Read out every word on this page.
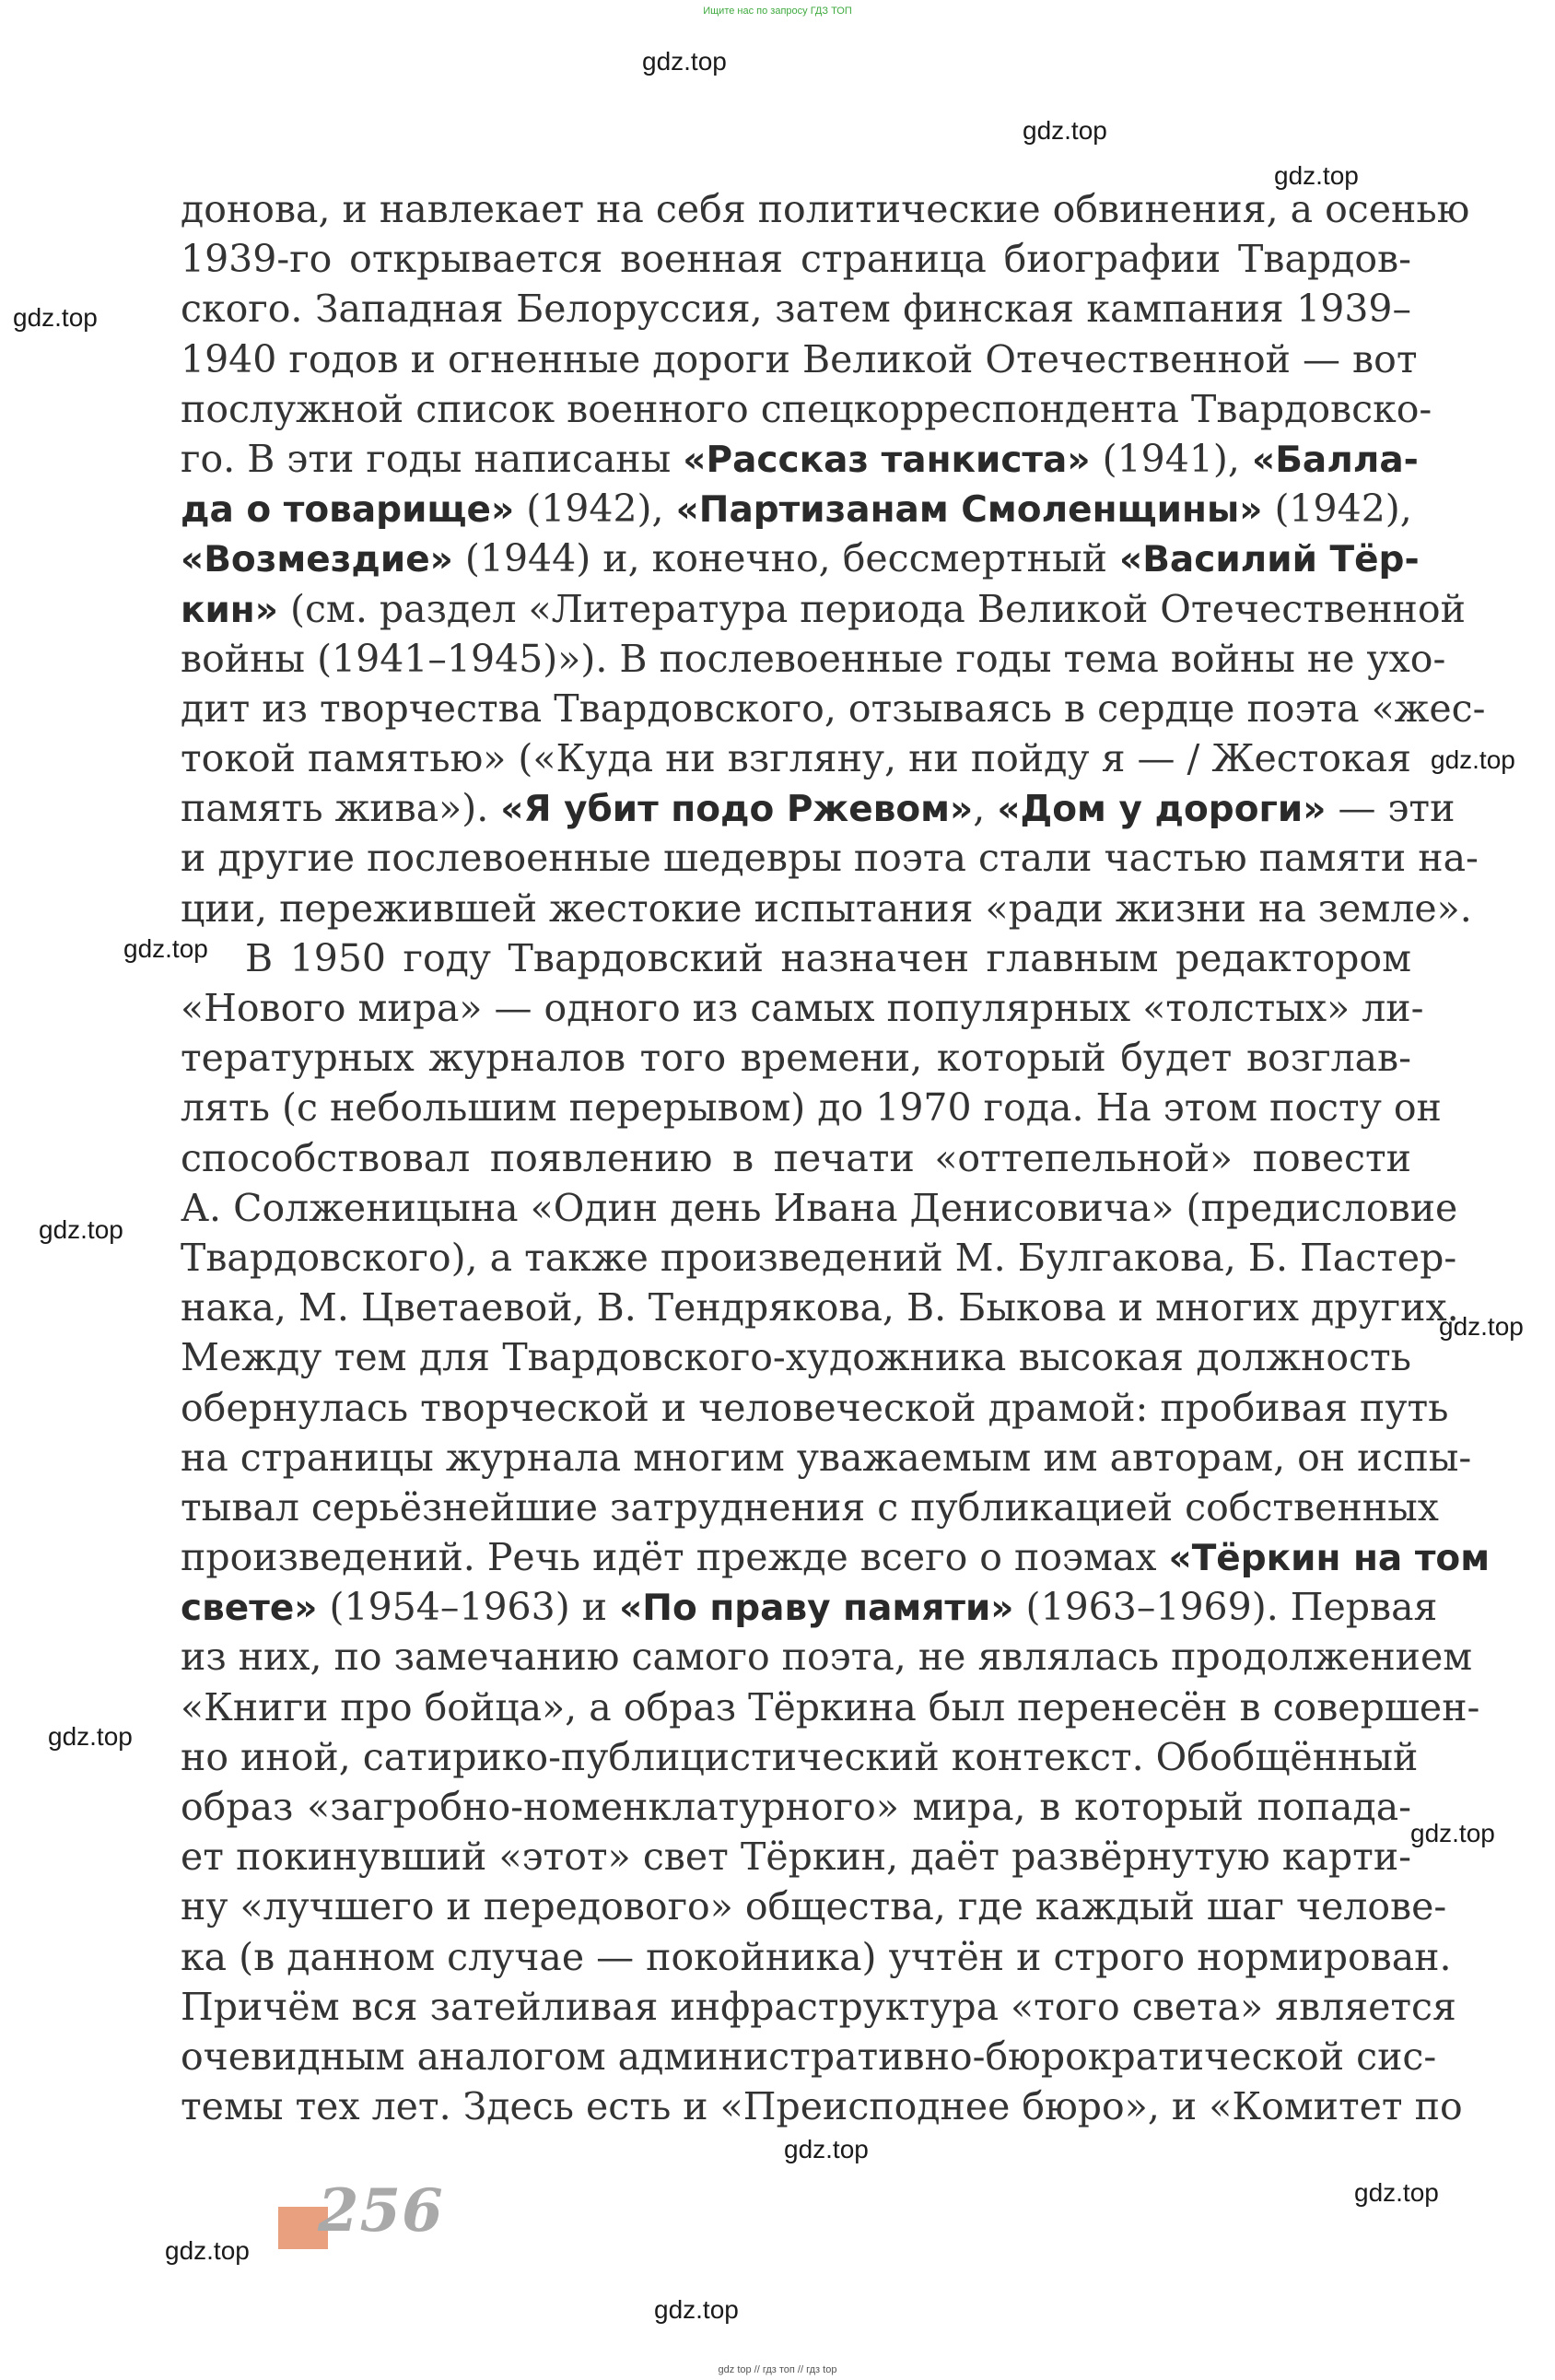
Ищите нас по запросу ГДЗ ТОП
gdz.top
gdz.top
gdz.top
gdz.top
gdz.top
gdz.top
gdz.top
gdz.top
gdz.top
gdz.top
gdz.top
gdz.top
gdz.top
gdz.top
донова, и навлекает на себя политические обвинения, а осенью
1939-го открывается военная страница биографии Твардов-
ского. Западная Белоруссия, затем финская кампания 1939–
1940 годов и огненные дороги Великой Отечественной — вот
послужной список военного спецкорреспондента Твардовско-
го. В эти годы написаны «Рассказ танкиста» (1941), «Балла-
да о товарище» (1942), «Партизанам Смоленщины» (1942),
«Возмездие» (1944) и, конечно, бессмертный «Василий Тёр-
кин» (см. раздел «Литература периода Великой Отечественной
войны (1941–1945)»). В послевоенные годы тема войны не ухо-
дит из творчества Твардовского, отзываясь в сердце поэта «жес-
токой памятью» («Куда ни взгляну, ни пойду я — / Жестокая
память жива»). «Я убит подо Ржевом», «Дом у дороги» — эти
и другие послевоенные шедевры поэта стали частью памяти на-
ции, пережившей жестокие испытания «ради жизни на земле».
В 1950 году Твардовский назначен главным редактором
«Нового мира» — одного из самых популярных «толстых» ли-
тературных журналов того времени, который будет возглав-
лять (с небольшим перерывом) до 1970 года. На этом посту он
способствовал появлению в печати «оттепельной» повести
А. Солженицына «Один день Ивана Денисовича» (предисловие
Твардовского), а также произведений М. Булгакова, Б. Пастер-
нака, М. Цветаевой, В. Тендрякова, В. Быкова и многих других.
Между тем для Твардовского-художника высокая должность
обернулась творческой и человеческой драмой: пробивая путь
на страницы журнала многим уважаемым им авторам, он испы-
тывал серьёзнейшие затруднения с публикацией собственных
произведений. Речь идёт прежде всего о поэмах «Тёркин на том
свете» (1954–1963) и «По праву памяти» (1963–1969). Первая
из них, по замечанию самого поэта, не являлась продолжением
«Книги про бойца», а образ Тёркина был перенесён в совершен-
но иной, сатирико-публицистический контекст. Обобщённый
образ «загробно-номенклатурного» мира, в который попада-
ет покинувший «этот» свет Тёркин, даёт развёрнутую карти-
ну «лучшего и передового» общества, где каждый шаг челове-
ка (в данном случае — покойника) учтён и строго нормирован.
Причём вся затейливая инфраструктура «того света» является
очевидным аналогом административно-бюрократической сис-
темы тех лет. Здесь есть и «Преисподнее бюро», и «Комитет по
256
gdz top // гдз топ // гдз top
